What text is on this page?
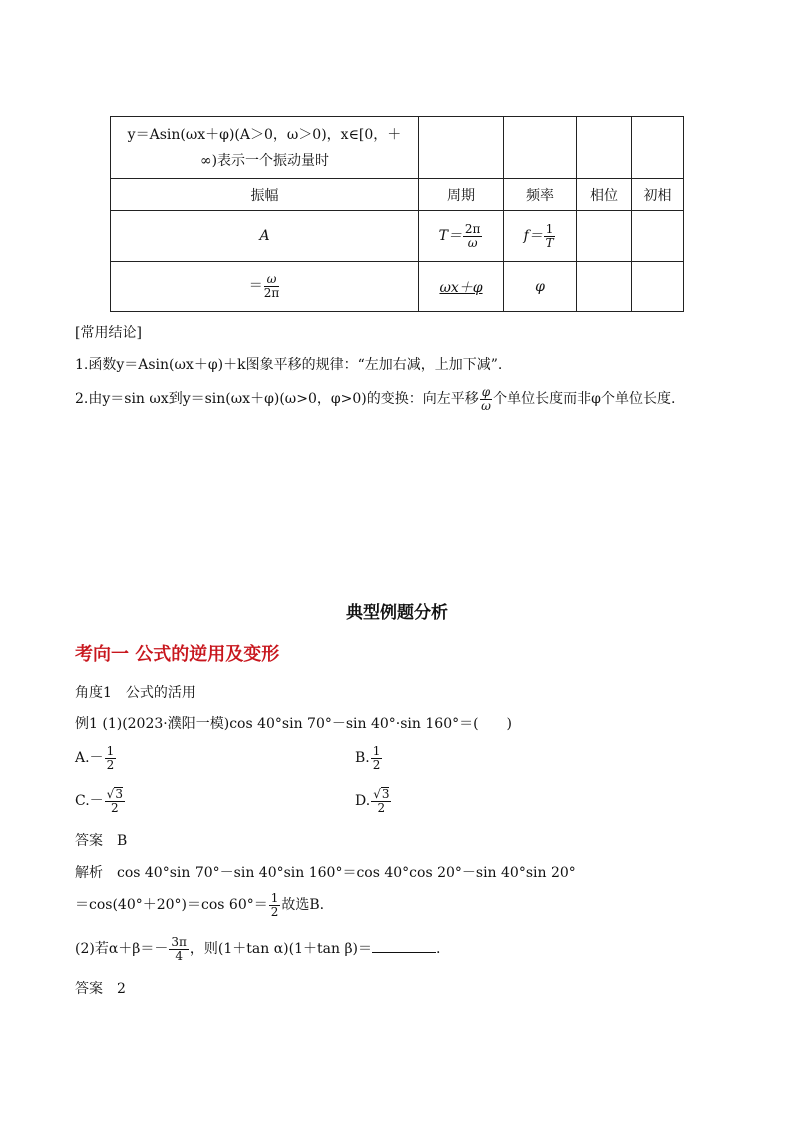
y＝Asin(ωx＋φ)(A＞0，ω＞0)，x∈[0，＋
∞)表示一个振动量时				

振幅	周期	频率	相位	初相
A	$T= \frac{2\pi}{\omega}$	$f= \frac{1}{T}$

＝ $\frac{\omega}{2\pi}$	ωx＋φ	φ		
[常用结论]
1.函数y＝Asin(ωx＋φ)＋k图象平移的规律：“左加右减，上加下减”.
2.由y＝sin ωx到y＝sin(ωx＋φ)(ω>0，φ>0)的变换：向左平移 $\frac{\varphi}{\omega}$ 个单位长度而非φ个单位长度.
典型例题分析
考向一 公式的逆用及变形
角度1　公式的活用
例1 (1)(2023·濮阳一模)cos 40°sin 70°－sin 40°·sin 160°＝(　　)
$A.- \frac{1}{2}$	B. $\frac{1}{2}$
$C.- \frac{√3}{2}$	D. $\frac{√3}{2}$
答案　B
解析　cos 40°sin 70°－sin 40°sin 160°＝cos 40°cos 20°－sin 40°sin 20°
＝cos(40°＋20°)＝cos $60^\circ= \frac{1}{2}$ 故选B.
(2)若$\alpha+\beta=- \frac{3\pi}{4}$ ，则(1＋tan α)(1＋tan β)＝	.
答案　2
